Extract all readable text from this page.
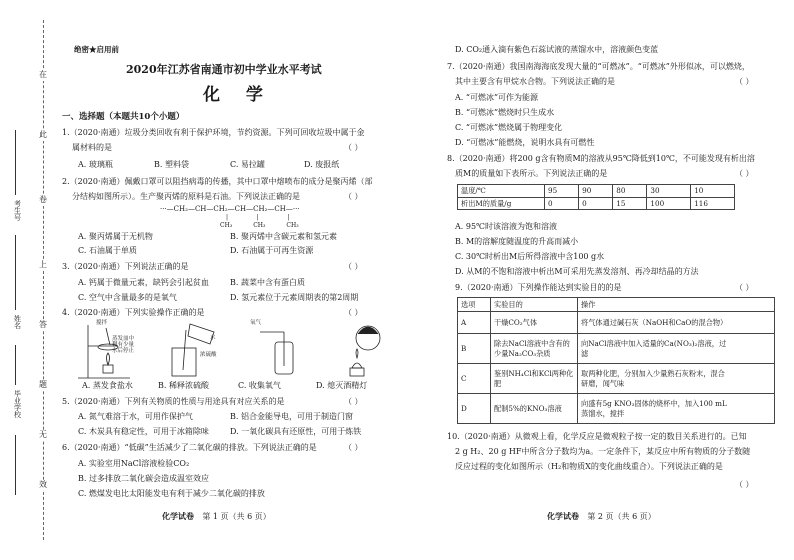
在
此
卷
上
答
题
无
效
考生号
姓名
毕业学校
绝密★启用前
2020年江苏省南通市初中学业水平考试
化 学
一、选择题（本题共10个小题）
1.（2020·南通）垃圾分类回收有利于保护环境，节约资源。下列可回收垃圾中属于金
属材料的是	（ ）
A. 玻璃瓶	B. 塑料袋	C. 易拉罐	D. 废报纸
2.（2020·南通）佩戴口罩可以阻挡病毒的传播，其中口罩中熔喷布的成分是聚丙烯（部
分结构如图所示）。生产聚丙烯的原料是石油。下列说法正确的是	（ ）
···—CH₂—CH—CH₂—CH—CH₂—CH—···
|               |               |
CH₃           CH₃           CH₃
A. 聚丙烯属于无机物	B. 聚丙烯中含碳元素和氢元素
C. 石油属于单质	D. 石油属于可再生资源
3.（2020·南通）下列说法正确的是	（ ）
A. 钙属于微量元素，缺钙会引起贫血	B. 蔬菜中含有蛋白质
C. 空气中含量最多的是氧气	D. 氢元素位于元素周期表的第2周期
4.（2020·南通）下列实验操作正确的是	（ ）
搅拌
蒸发皿中
剩有少量
水后停止
水
浓硫酸
氧气
A. 蒸发食盐水	B. 稀释浓硫酸	C. 收集氧气	D. 熄灭酒精灯
5.（2020·南通）下列有关物质的性质与用途具有对应关系的是	（ ）
A. 氮气难溶于水，可用作保护气	B. 铝合金能导电，可用于制造门窗
C. 木炭具有稳定性，可用于冰箱除味	D. 一氧化碳具有还原性，可用于炼铁
6.（2020·南通）“低碳”生活减少了二氧化碳的排放。下列说法正确的是	（ ）
A. 实验室用NaCl溶液检验CO₂
B. 过多排放二氧化碳会造成温室效应
C. 燃煤发电比太阳能发电有利于减少二氧化碳的排放
化学试卷 第 1 页（共 6 页）
D. CO₂通入滴有紫色石蕊试液的蒸馏水中，溶液颜色变蓝
7.（2020·南通）我国南海海底发现大量的“可燃冰”。“可燃冰”外形似冰，可以燃烧，
其中主要含有甲烷水合物。下列说法正确的是	（ ）
A. “可燃冰”可作为能源
B. “可燃冰”燃烧时只生成水
C. “可燃冰”燃烧属于物理变化
D. “可燃冰”能燃烧，说明水具有可燃性
8.（2020·南通）将200 g含有物质M的溶液从95℃降低到10℃，不可能发现有析出溶
质M的质量如下表所示。下列说法正确的是	（ ）
温度/℃	95	90	80	30	10
析出M的质量/g	0	0	15	100	116
A. 95℃时该溶液为饱和溶液
B. M的溶解度随温度的升高而减小
C. 30℃时析出M后所得溶液中含100 g水
D. 从M的不饱和溶液中析出M可采用先蒸发溶剂、再冷却结晶的方法
9.（2020·南通）下列操作能达到实验目的的是	（ ）
选项	实验目的	操作
A	干燥CO₂气体	将气体通过碱石灰（NaOH和CaO的混合物）
B	除去NaCl溶液中含有的少量Na₂CO₃杂质	向NaCl溶液中加入适量的Ca(NO₃)₂溶液，过
滤
C	鉴别NH₄Cl和KCl两种化肥	取两种化肥，分别加入少量熟石灰粉末，混合
研磨，闻气味
D	配制5%的KNO₃溶液	向盛有5g KNO₃固体的烧杯中，加入100 mL
蒸馏水，搅拌
10.（2020·南通）从微观上看，化学反应是微观粒子按一定的数目关系进行的。已知
2 g H₂、20 g HF中所含分子数均为a。一定条件下，某反应中所有物质的分子数随
反应过程的变化如图所示（H₂和物质X的变化曲线重合）。下列说法正确的是
（ ）
化学试卷 第 2 页（共 6 页）
